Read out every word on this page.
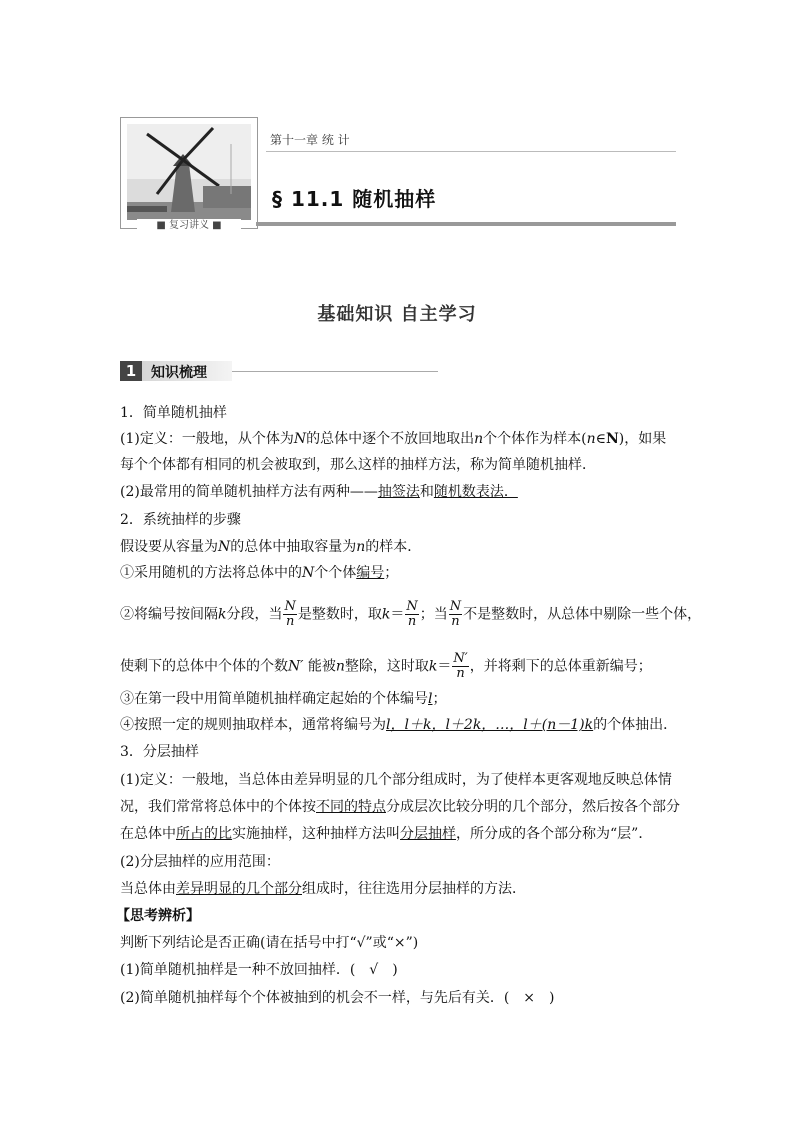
■ 复习讲义 ■
第十一章 统 计
§ 11.1 随机抽样
基础知识 自主学习
1	知识梳理
1．简单随机抽样
(1)定义：一般地，从个体为N的总体中逐个不放回地取出n个个体作为样本(n∈N)，如果
每个个体都有相同的机会被取到，那么这样的抽样方法，称为简单随机抽样．
(2)最常用的简单随机抽样方法有两种——抽签法和随机数表法．
2．系统抽样的步骤
假设要从容量为N的总体中抽取容量为n的样本．
①采用随机的方法将总体中的N个个体编号；
②将编号按间隔k分段，当 $\frac{N}{n}$ 是整数时，取$k= \frac{N}{n}$ ；当 $\frac{N}{n}$ 不是整数时，从总体中剔除一些个体，
使剩下的总体中个体的个数N′ 能被n整除，这时取$k= \frac{N'}{n}$ ，并将剩下的总体重新编号；
③在第一段中用简单随机抽样确定起始的个体编号l；
④按照一定的规则抽取样本，通常将编号为l，l＋k，l＋2k，…，l＋(n－1)k的个体抽出．
3．分层抽样
(1)定义：一般地，当总体由差异明显的几个部分组成时，为了使样本更客观地反映总体情
况，我们常常将总体中的个体按不同的特点分成层次比较分明的几个部分，然后按各个部分
在总体中所占的比实施抽样，这种抽样方法叫分层抽样，所分成的各个部分称为“层”．
(2)分层抽样的应用范围：
当总体由差异明显的几个部分组成时，往往选用分层抽样的方法．
【思考辨析】
判断下列结论是否正确(请在括号中打“√”或“×”)
(1)简单随机抽样是一种不放回抽样．(　√　)
(2)简单随机抽样每个个体被抽到的机会不一样，与先后有关．(　×　)
